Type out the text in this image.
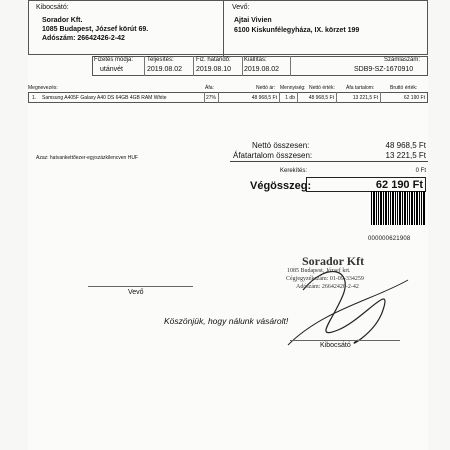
Kibocsátó:
Sorador Kft.
1085 Budapest, József körút 69.
Adószám: 26642426-2-42
Vevő:
Ajtai Vivien
6100 Kiskunfélegyháza, IX. körzet 199
Fizetés módja:
utánvét
Teljesítés:
2019.08.02
Fiz. határidő:
2019.08.10
Kiállítás:
2019.08.02
Számlaszám:
SDB9-SZ-1670910
Megnevezés:	Áfa:	Nettó ár: Mennyiség: Nettó érték: Áfa tartalom:	Bruttó érték:
1. Samsung A405F Galaxy A40 DS 64GB 4GB RAM White	27%	48 968,5 Ft	1 db	48 968,5 Ft	13 221,5 Ft	62 190 Ft
Nettó összesen:	48 968,5 Ft
Áfatartalom összesen:	13 221,5 Ft
Kerekítés:	0 Ft
Azaz: hatvankettőezer-egyszázkilencven HUF
Végösszeg:	62 190 Ft
000000621908
Vevő
Sorador Kft
1085 Budapest, József krt.
Cégjegyzékszám: 01-09-334259
Adószám: 26642426-2-42
Kibocsátó
Köszönjük, hogy nálunk vásárolt!
